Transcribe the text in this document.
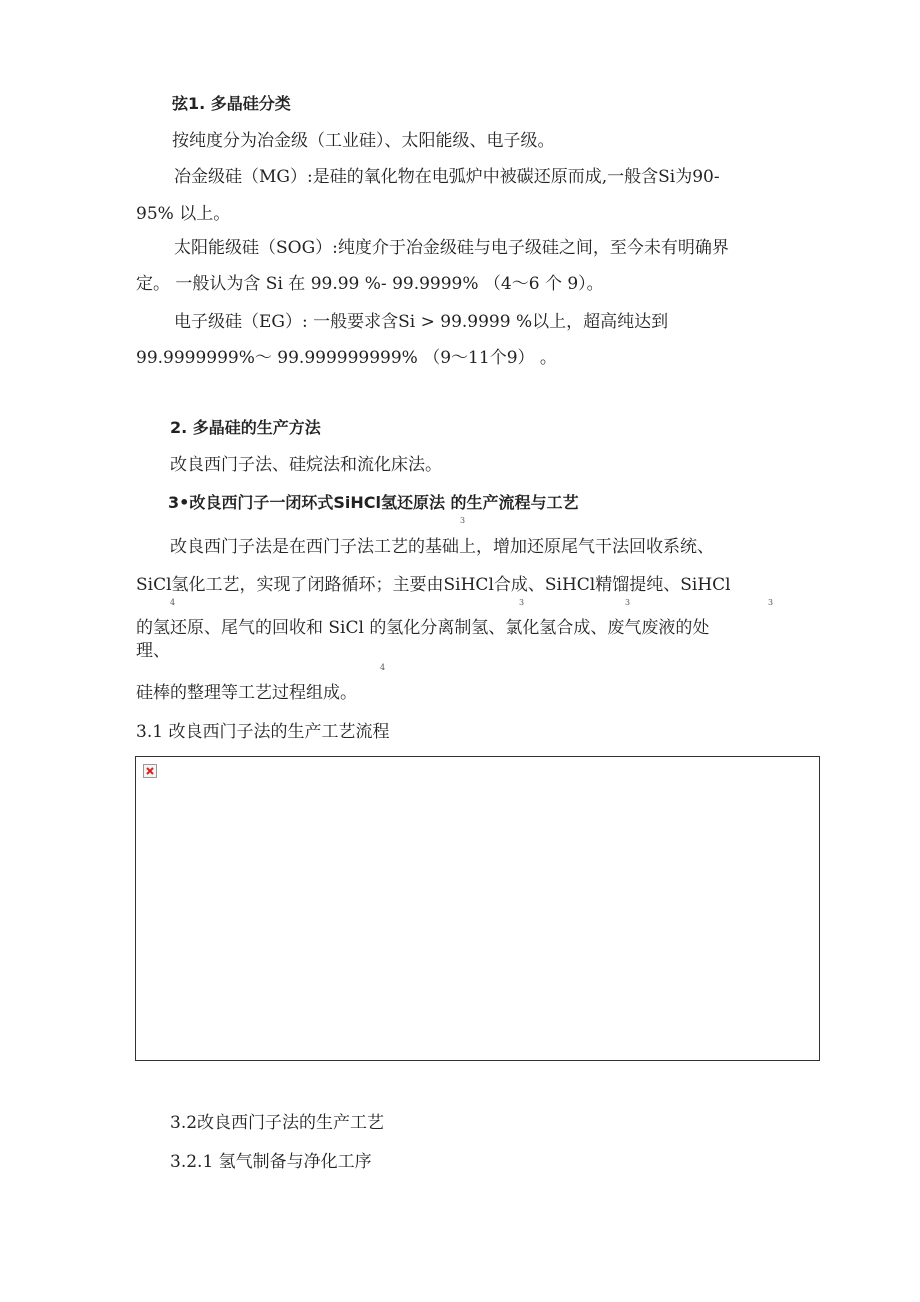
弦1. 多晶硅分类
按纯度分为冶金级（工业硅）、太阳能级、电子级。
冶金级硅（MG）:是硅的氧化物在电弧炉中被碳还原而成,一般含Si为90-
95% 以上。
太阳能级硅（SOG）:纯度介于冶金级硅与电子级硅之间，至今未有明确界
定。 一般认为含 Si 在 99.99 %- 99.9999% （4〜6 个 9）。
电子级硅（EG）: 一般要求含Si > 99.9999 %以上，超高纯达到
99.9999999%〜 99.999999999% （9〜11个9） 。
2. 多晶硅的生产方法
改良西门子法、硅烷法和流化床法。
3•改良西门子一闭环式SiHCl氢还原法 的生产流程与工艺
3
改良西门子法是在西门子法工艺的基础上，增加还原尾气干法回收系统、
SiCl氢化工艺，实现了闭路循环；主要由SiHCl合成、SiHCl精馏提纯、SiHCl
4	3	3	3
的氢还原、尾气的回收和 SiCl 的氢化分离制氢、氯化氢合成、废气废液的处
理、
4
硅棒的整理等工艺过程组成。
3.1 改良西门子法的生产工艺流程
3.2改良西门子法的生产工艺
3.2.1 氢气制备与净化工序
